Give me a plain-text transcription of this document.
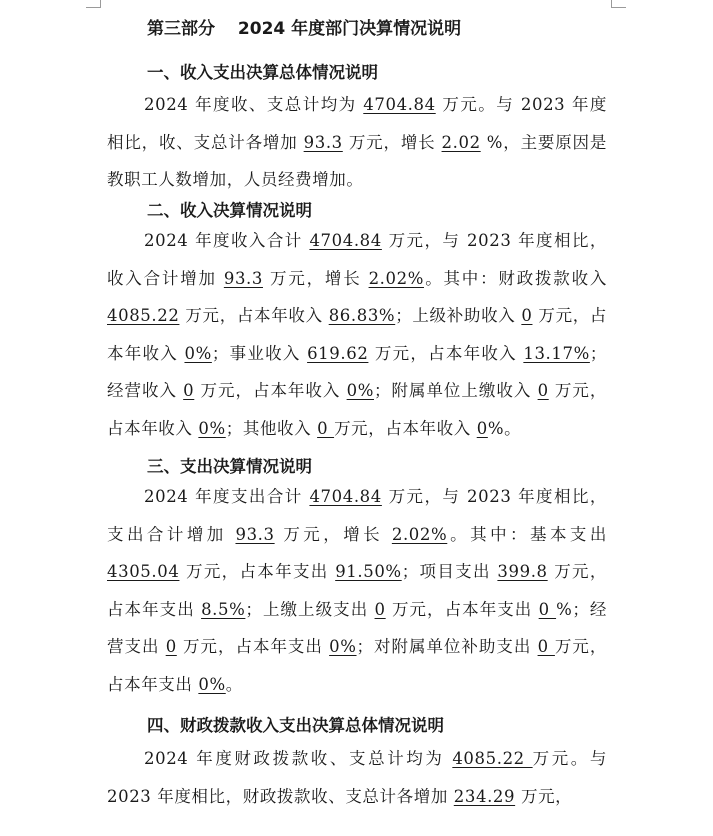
第三部分　 2024 年度部门决算情况说明
一、收入支出决算总体情况说明

2024 年度收、支总计均为 4704.84 万元。与 2023 年度相比，收、支总计各增加 93.3 万元，增长 2.02 %，主要原因是教职工人数增加，人员经费增加。

二、收入决算情况说明

2024 年度收入合计 4704.84 万元，与 2023 年度相比，收入合计增加 93.3 万元，增长 2.02%。其中：财政拨款收入 4085.22 万元，占本年收入 86.83%；上级补助收入 0 万元，占本年收入 0%；事业收入 619.62 万元，占本年收入 13.17%；经营收入 0 万元，占本年收入 0%；附属单位上缴收入 0 万元，占本年收入 0%；其他收入 0 万元，占本年收入 0%。

三、支出决算情况说明

2024 年度支出合计 4704.84 万元，与 2023 年度相比，支出合计增加 93.3 万元，增长 2.02%。其中：基本支出 4305.04 万元，占本年支出 91.50%；项目支出 399.8 万元，占本年支出 8.5%；上缴上级支出 0 万元，占本年支出 0 %；经营支出 0 万元，占本年支出 0%；对附属单位补助支出 0 万元，占本年支出 0%。

四、财政拨款收入支出决算总体情况说明

2024 年度财政拨款收、支总计均为 4085.22 万元。与 2023 年度相比，财政拨款收、支总计各增加 234.29 万元，
